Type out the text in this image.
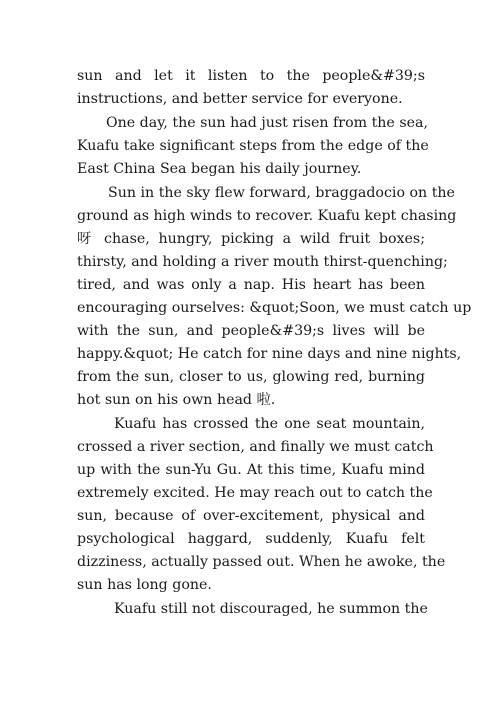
sun and let it listen to the people&#39;s
instructions, and better service for everyone.
One day, the sun had just risen from the sea,
Kuafu take significant steps from the edge of the
East China Sea began his daily journey.
Sun in the sky flew forward, braggadocio on the
ground as high winds to recover. Kuafu kept chasing
呀 chase, hungry, picking a wild fruit boxes;
thirsty, and holding a river mouth thirst-quenching;
tired, and was only a nap. His heart has been
encouraging ourselves: &quot;Soon, we must catch up
with the sun, and people&#39;s lives will be
happy.&quot; He catch for nine days and nine nights,
from the sun, closer to us, glowing red, burning
hot sun on his own head 啦.
Kuafu has crossed the one seat mountain,
crossed a river section, and finally we must catch
up with the sun-Yu Gu. At this time, Kuafu mind
extremely excited. He may reach out to catch the
sun, because of over-excitement, physical and
psychological haggard, suddenly, Kuafu felt
dizziness, actually passed out. When he awoke, the
sun has long gone.
Kuafu still not discouraged, he summon the
